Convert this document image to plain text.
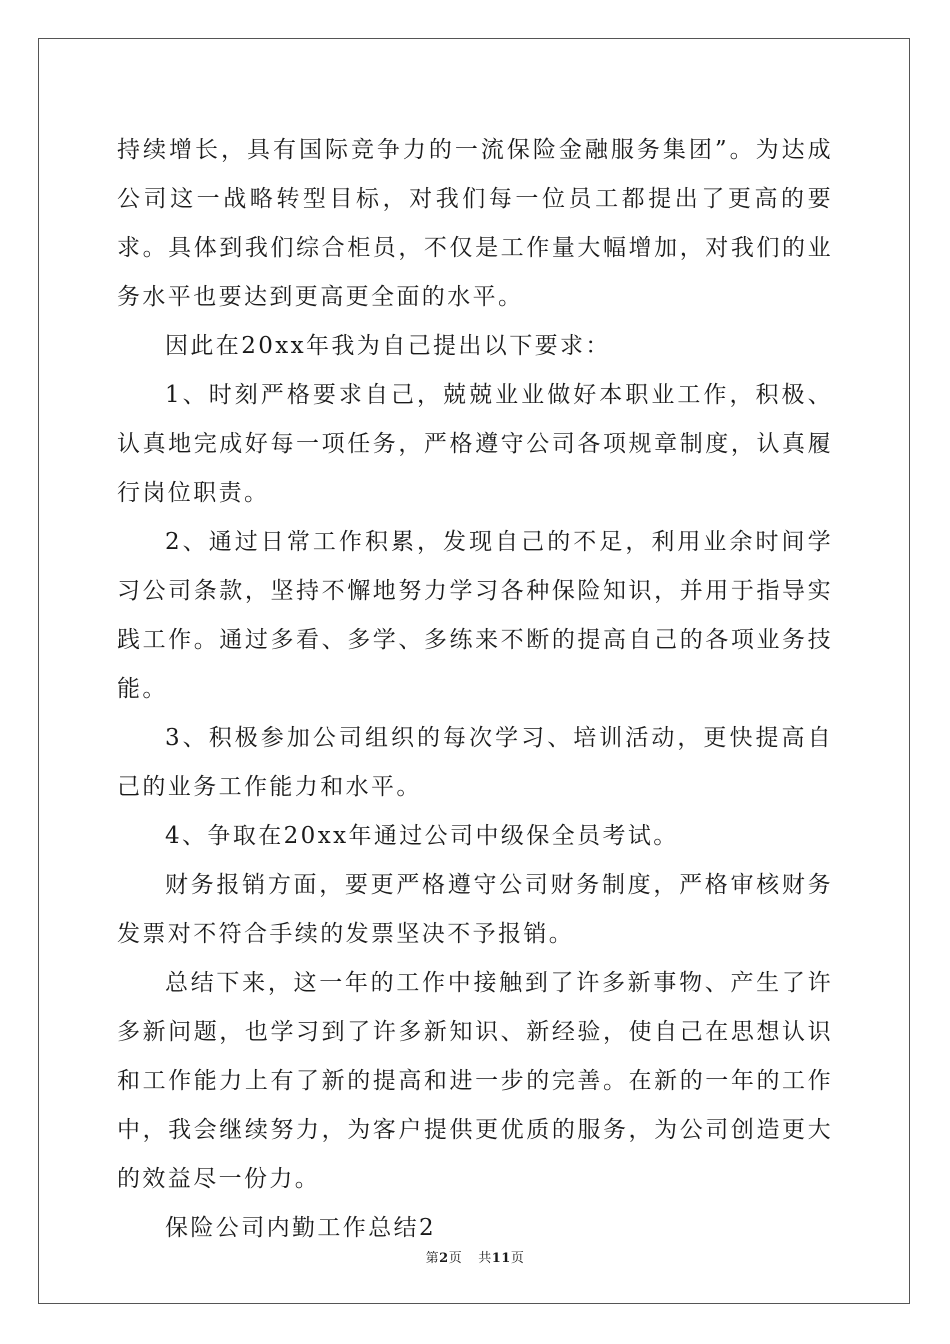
持续增长，具有国际竞争力的一流保险金融服务集团”。为达成公司这一战略转型目标，对我们每一位员工都提出了更高的要求。具体到我们综合柜员，不仅是工作量大幅增加，对我们的业务水平也要达到更高更全面的水平。

因此在20xx年我为自己提出以下要求：

1、时刻严格要求自己，兢兢业业做好本职业工作，积极、认真地完成好每一项任务，严格遵守公司各项规章制度，认真履行岗位职责。

2、通过日常工作积累，发现自己的不足，利用业余时间学习公司条款，坚持不懈地努力学习各种保险知识，并用于指导实践工作。通过多看、多学、多练来不断的提高自己的各项业务技能。

3、积极参加公司组织的每次学习、培训活动，更快提高自己的业务工作能力和水平。

4、争取在20xx年通过公司中级保全员考试。

财务报销方面，要更严格遵守公司财务制度，严格审核财务发票对不符合手续的发票坚决不予报销。

总结下来，这一年的工作中接触到了许多新事物、产生了许多新问题，也学习到了许多新知识、新经验，使自己在思想认识和工作能力上有了新的提高和进一步的完善。在新的一年的工作中，我会继续努力，为客户提供更优质的服务，为公司创造更大的效益尽一份力。

保险公司内勤工作总结2

第2页 共11页
